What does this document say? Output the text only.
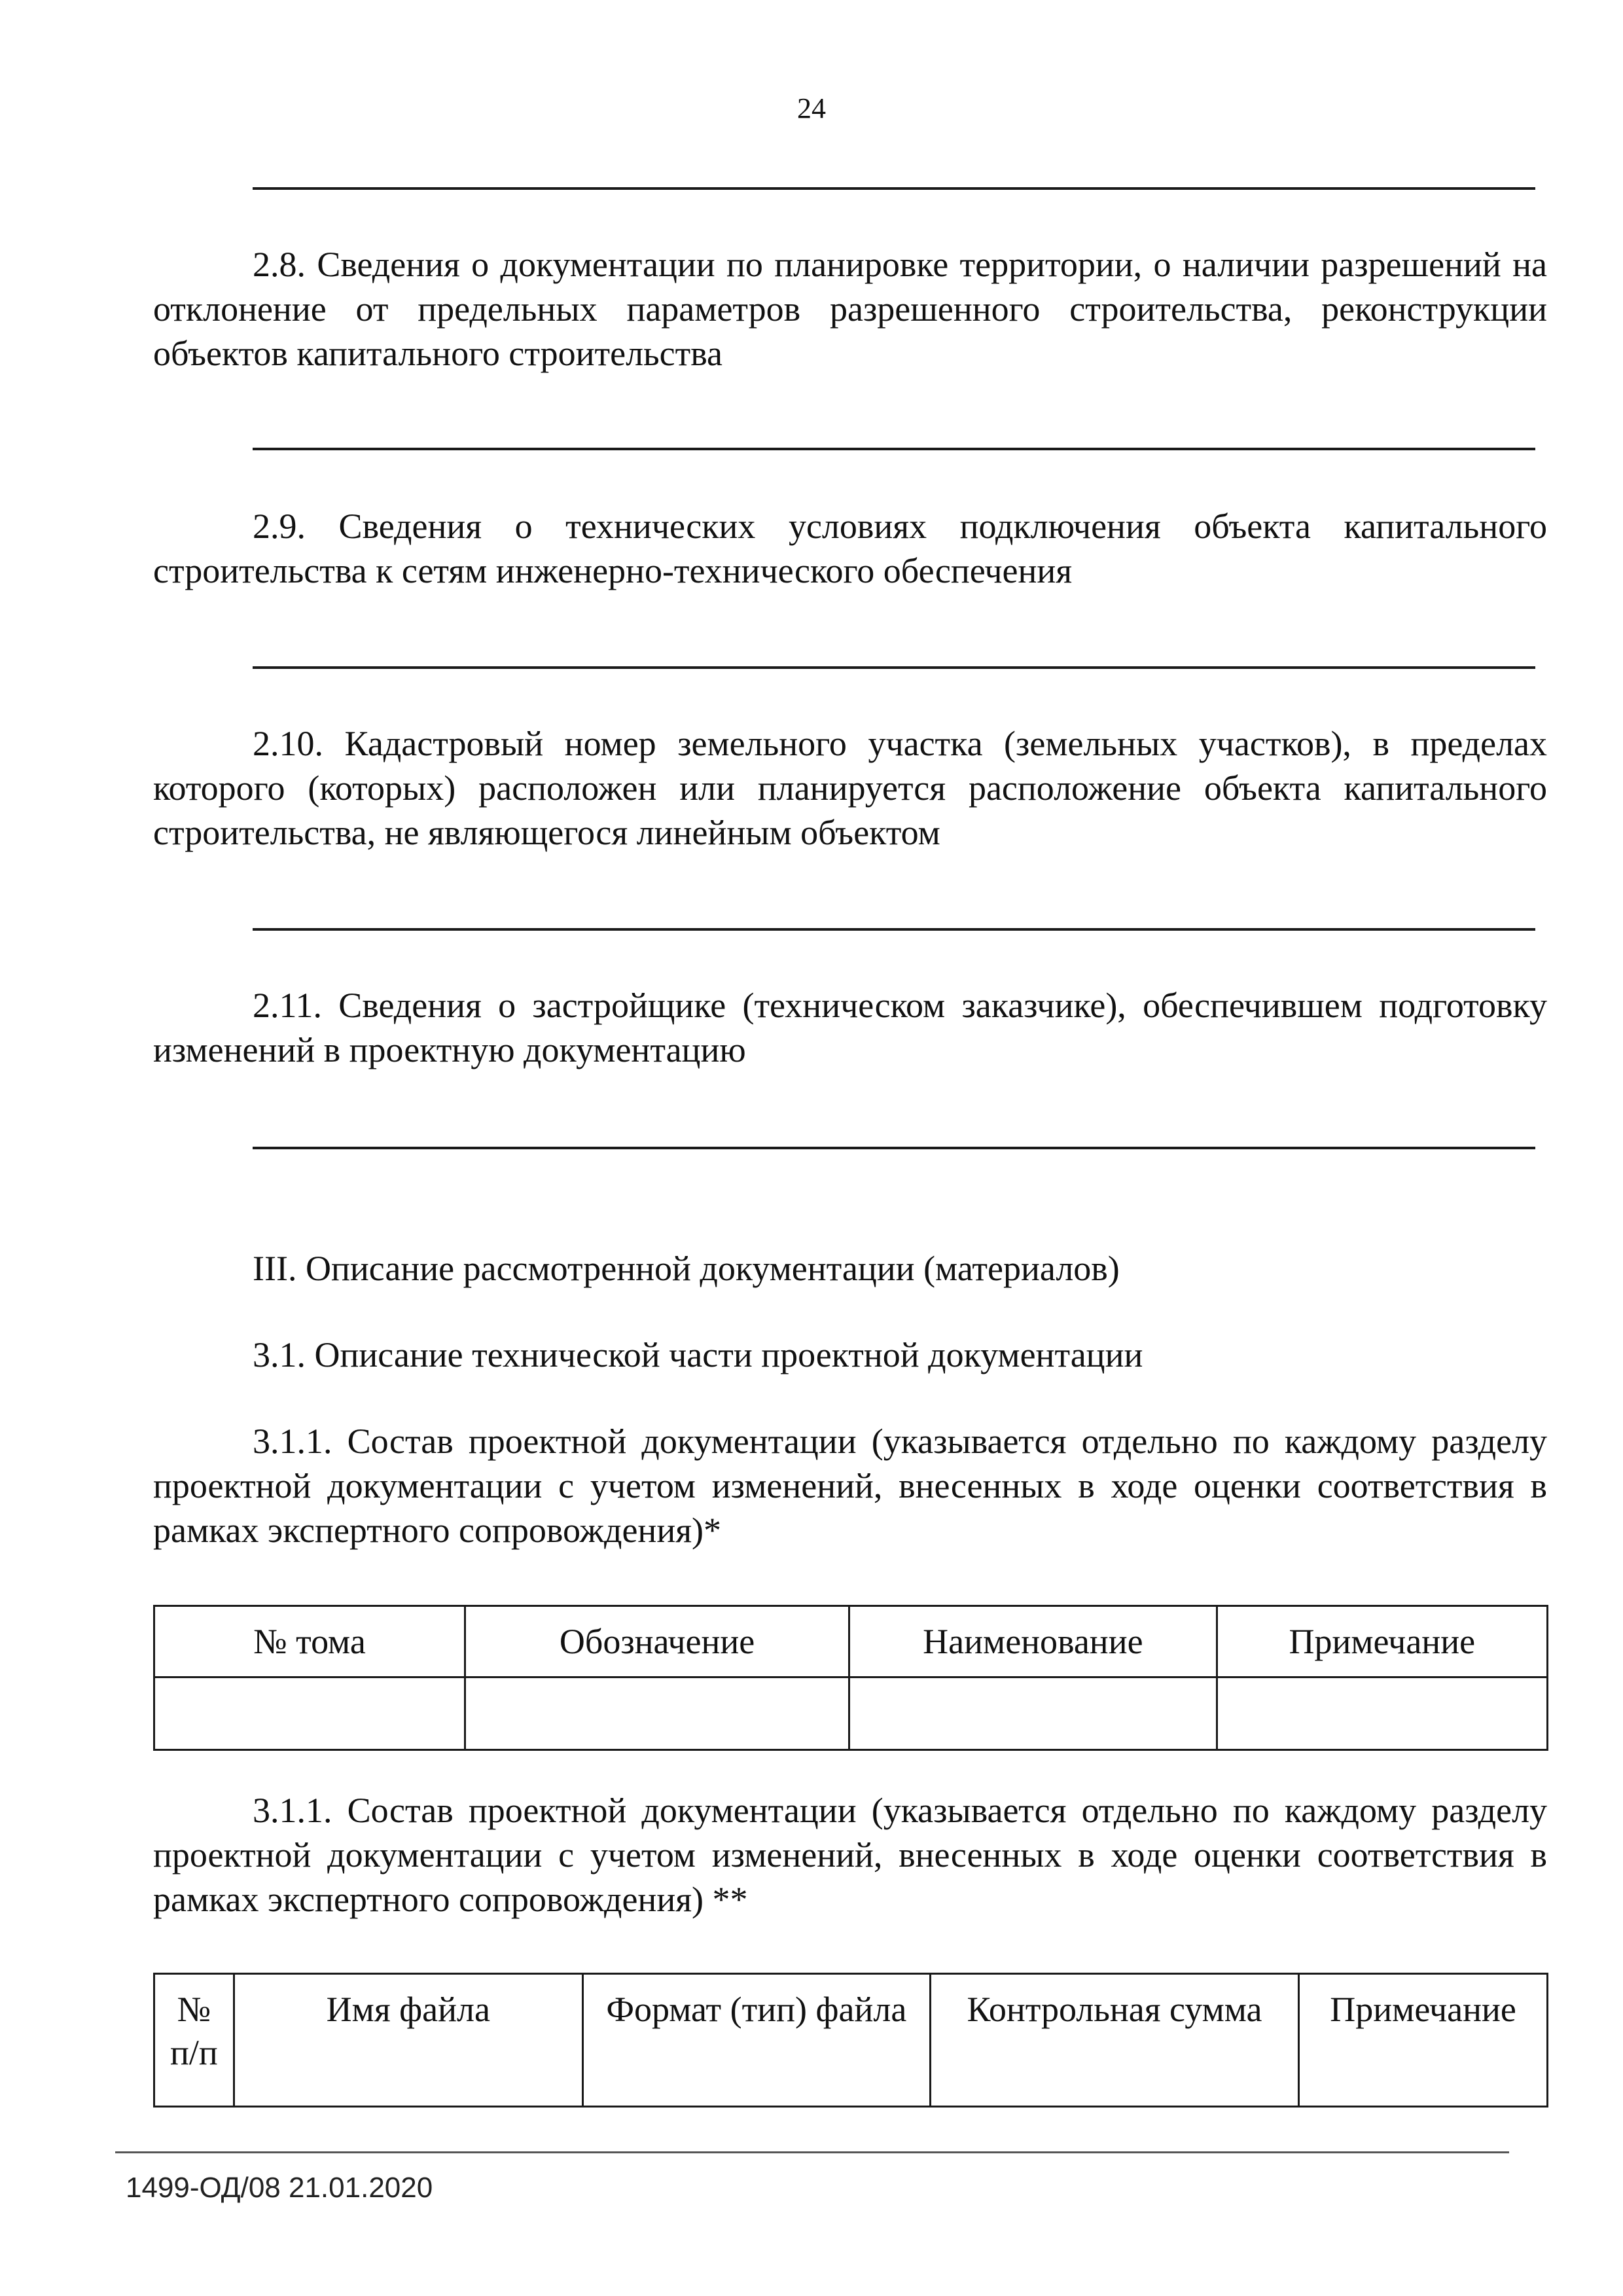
24
2.8. Сведения о документации по планировке территории, о наличии разрешений на отклонение от предельных параметров разрешенного строительства, реконструкции объектов капитального строительства
2.9. Сведения о технических условиях подключения объекта капитального строительства к сетям инженерно-технического обеспечения
2.10. Кадастровый номер земельного участка (земельных участков), в пределах которого (которых) расположен или планируется расположение объекта капитального строительства, не являющегося линейным объектом
2.11. Сведения о застройщике (техническом заказчике), обеспечившем подготовку изменений в проектную документацию
III. Описание рассмотренной документации (материалов)
3.1. Описание технической части проектной документации
3.1.1. Состав проектной документации (указывается отдельно по каждому разделу проектной документации с учетом изменений, внесенных в ходе оценки соответствия в рамках экспертного сопровождения)*
№ тома	Обозначение	Наименование	Примечание

3.1.1. Состав проектной документации (указывается отдельно по каждому разделу проектной документации с учетом изменений, внесенных в ходе оценки соответствия в рамках экспертного сопровождения) **
№ п/п	Имя файла	Формат (тип) файла	Контрольная сумма	Примечание
1499-ОД/08 21.01.2020
